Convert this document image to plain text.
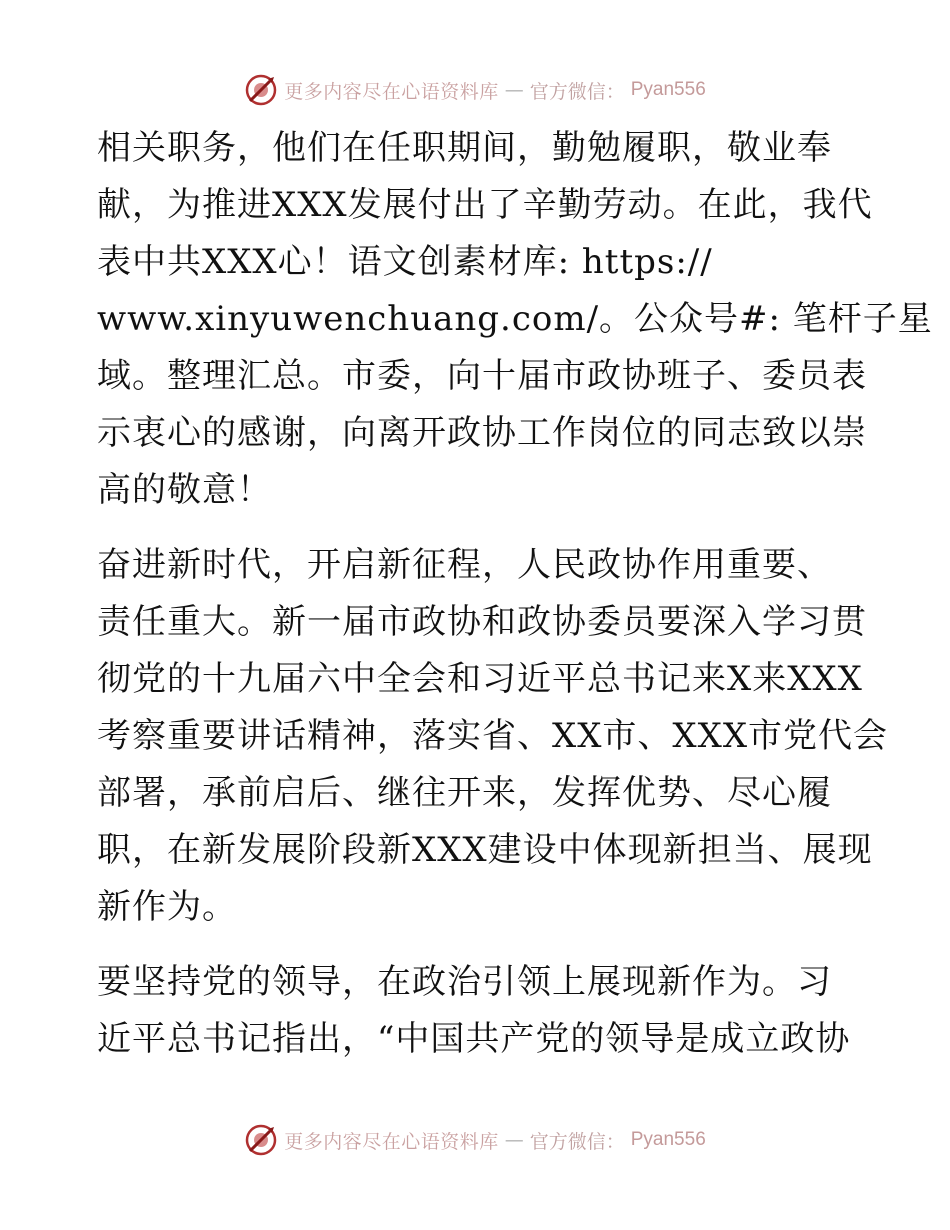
更多内容尽在心语资料库 — 官方微信： Pyan556

相关职务，他们在任职期间，勤勉履职，敬业奉
献，为推进XXX发展付出了辛勤劳动。在此，我代
表中共XXX心！语文创素材库: https://
www.xinyuwenchuang.com/。公众号#: 笔杆子星
域。整理汇总。市委，向十届市政协班子、委员表
示衷心的感谢，向离开政协工作岗位的同志致以崇
高的敬意！

奋进新时代，开启新征程，人民政协作用重要、
责任重大。新一届市政协和政协委员要深入学习贯
彻党的十九届六中全会和习近平总书记来X来XXX
考察重要讲话精神，落实省、XX市、XXX市党代会
部署，承前启后、继往开来，发挥优势、尽心履
职，在新发展阶段新XXX建设中体现新担当、展现
新作为。

要坚持党的领导，在政治引领上展现新作为。习
近平总书记指出，“中国共产党的领导是成立政协

更多内容尽在心语资料库 — 官方微信： Pyan556
